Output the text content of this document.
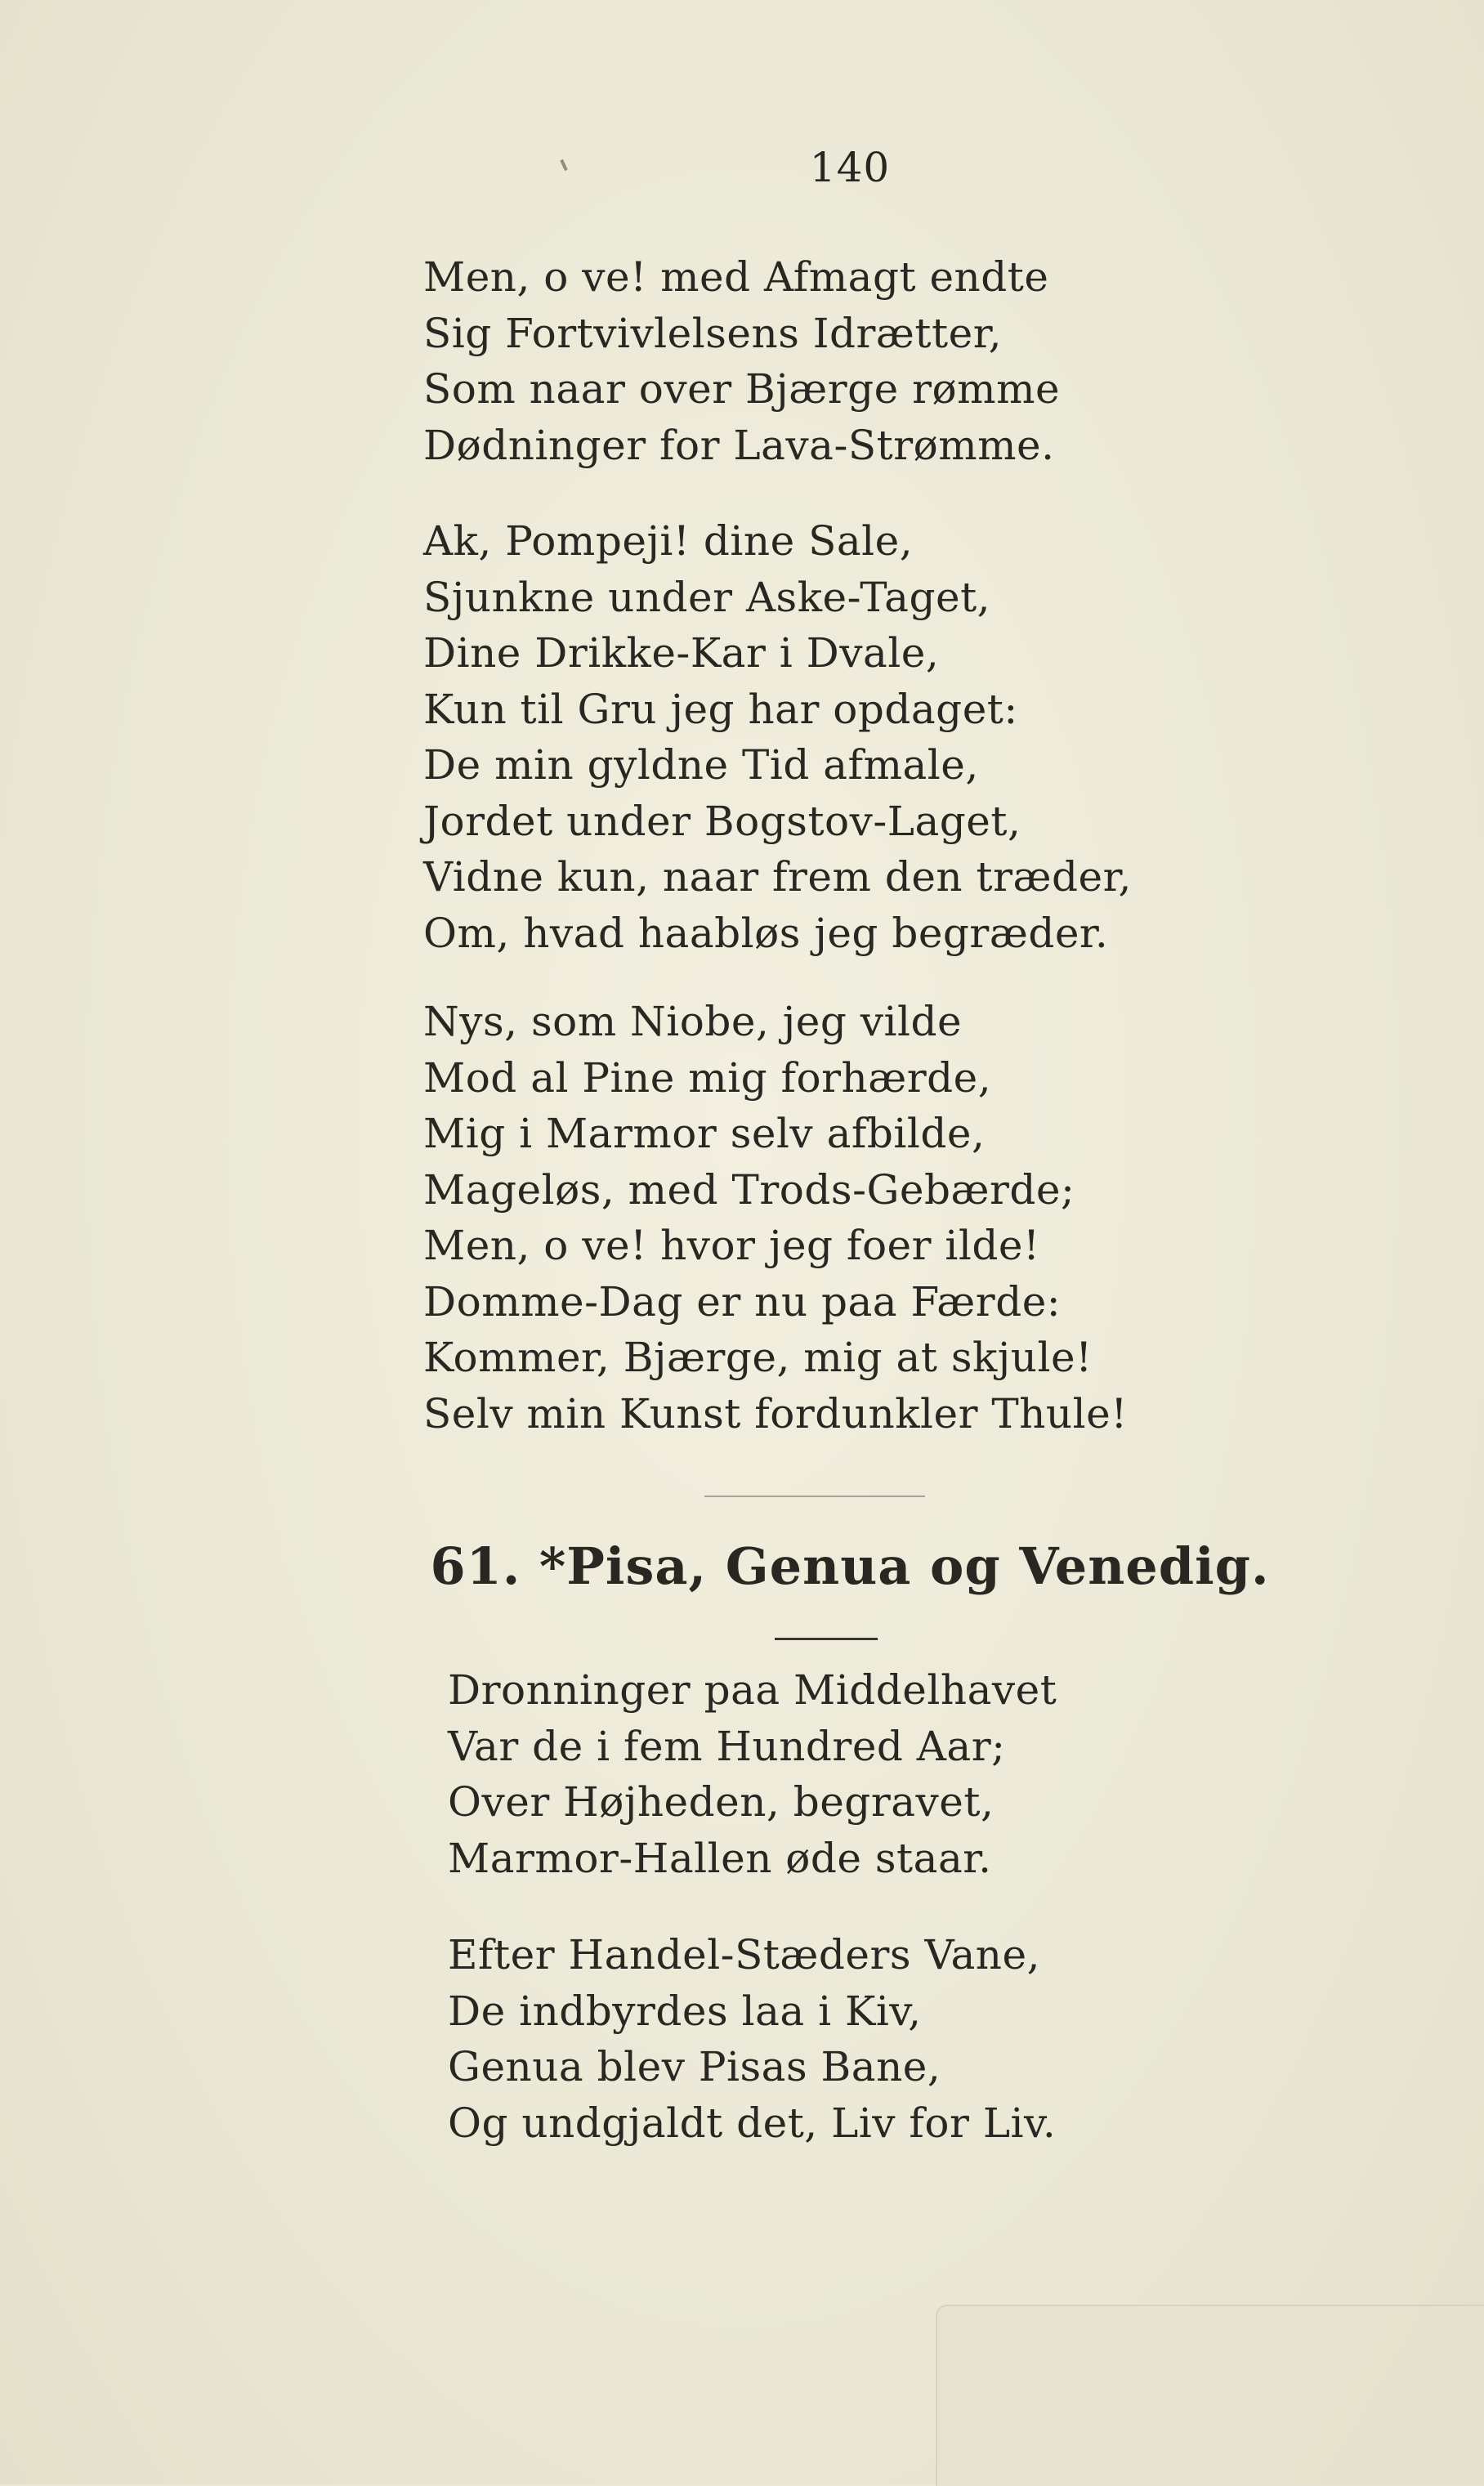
140
Men, o ve! med Afmagt endte
Sig Fortvivlelsens Idrætter,
Som naar over Bjærge rømme
Dødninger for Lava-Strømme.
Ak, Pompeji! dine Sale,
Sjunkne under Aske-Taget,
Dine Drikke-Kar i Dvale,
Kun til Gru jeg har opdaget:
De min gyldne Tid afmale,
Jordet under Bogstov-Laget,
Vidne kun, naar frem den træder,
Om, hvad haabløs jeg begræder.
Nys, som Niobe, jeg vilde
Mod al Pine mig forhærde,
Mig i Marmor selv afbilde,
Mageløs, med Trods-Gebærde;
Men, o ve! hvor jeg foer ilde!
Domme-Dag er nu paa Færde:
Kommer, Bjærge, mig at skjule!
Selv min Kunst fordunkler Thule!
61. *Pisa, Genua og Venedig.
Dronninger paa Middelhavet
Var de i fem Hundred Aar;
Over Højheden, begravet,
Marmor-Hallen øde staar.
Efter Handel-Stæders Vane,
De indbyrdes laa i Kiv,
Genua blev Pisas Bane,
Og undgjaldt det, Liv for Liv.
